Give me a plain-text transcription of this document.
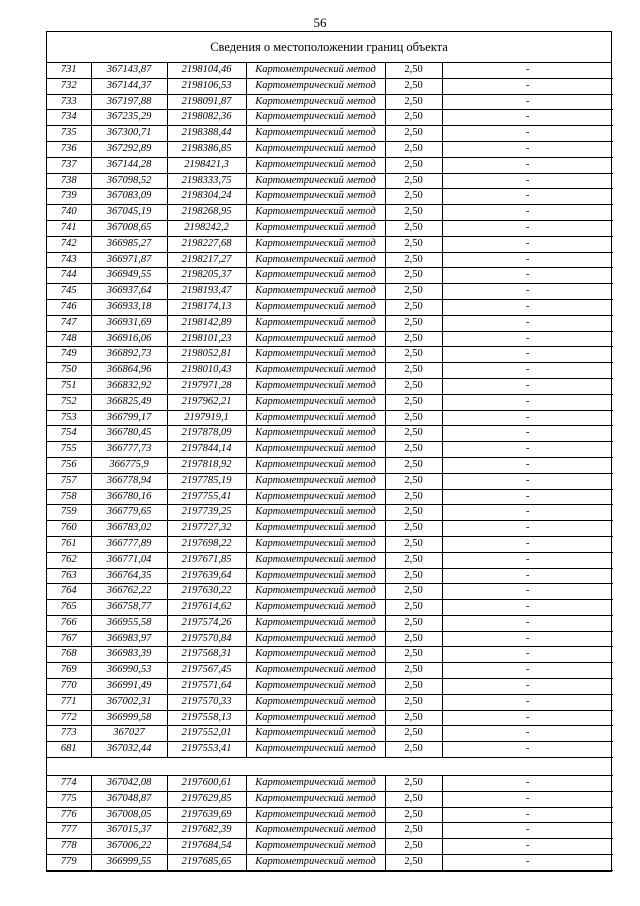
56
Сведения о местоположении границ объекта
731	367143,87	2198104,46	Картометрический метод	2,50	-
732	367144,37	2198106,53	Картометрический метод	2,50	-
733	367197,88	2198091,87	Картометрический метод	2,50	-
734	367235,29	2198082,36	Картометрический метод	2,50	-
735	367300,71	2198388,44	Картометрический метод	2,50	-
736	367292,89	2198386,85	Картометрический метод	2,50	-
737	367144,28	2198421,3	Картометрический метод	2,50	-
738	367098,52	2198333,75	Картометрический метод	2,50	-
739	367083,09	2198304,24	Картометрический метод	2,50	-
740	367045,19	2198268,95	Картометрический метод	2,50	-
741	367008,65	2198242,2	Картометрический метод	2,50	-
742	366985,27	2198227,68	Картометрический метод	2,50	-
743	366971,87	2198217,27	Картометрический метод	2,50	-
744	366949,55	2198205,37	Картометрический метод	2,50	-
745	366937,64	2198193,47	Картометрический метод	2,50	-
746	366933,18	2198174,13	Картометрический метод	2,50	-
747	366931,69	2198142,89	Картометрический метод	2,50	-
748	366916,06	2198101,23	Картометрический метод	2,50	-
749	366892,73	2198052,81	Картометрический метод	2,50	-
750	366864,96	2198010,43	Картометрический метод	2,50	-
751	366832,92	2197971,28	Картометрический метод	2,50	-
752	366825,49	2197962,21	Картометрический метод	2,50	-
753	366799,17	2197919,1	Картометрический метод	2,50	-
754	366780,45	2197878,09	Картометрический метод	2,50	-
755	366777,73	2197844,14	Картометрический метод	2,50	-
756	366775,9	2197818,92	Картометрический метод	2,50	-
757	366778,94	2197785,19	Картометрический метод	2,50	-
758	366780,16	2197755,41	Картометрический метод	2,50	-
759	366779,65	2197739,25	Картометрический метод	2,50	-
760	366783,02	2197727,32	Картометрический метод	2,50	-
761	366777,89	2197698,22	Картометрический метод	2,50	-
762	366771,04	2197671,85	Картометрический метод	2,50	-
763	366764,35	2197639,64	Картометрический метод	2,50	-
764	366762,22	2197630,22	Картометрический метод	2,50	-
765	366758,77	2197614,62	Картометрический метод	2,50	-
766	366955,58	2197574,26	Картометрический метод	2,50	-
767	366983,97	2197570,84	Картометрический метод	2,50	-
768	366983,39	2197568,31	Картометрический метод	2,50	-
769	366990,53	2197567,45	Картометрический метод	2,50	-
770	366991,49	2197571,64	Картометрический метод	2,50	-
771	367002,31	2197570,33	Картометрический метод	2,50	-
772	366999,58	2197558,13	Картометрический метод	2,50	-
773	367027	2197552,01	Картометрический метод	2,50	-
681	367032,44	2197553,41	Картометрический метод	2,50	-

774	367042,08	2197600,61	Картометрический метод	2,50	-
775	367048,87	2197629,85	Картометрический метод	2,50	-
776	367008,05	2197639,69	Картометрический метод	2,50	-
777	367015,37	2197682,39	Картометрический метод	2,50	-
778	367006,22	2197684,54	Картометрический метод	2,50	-
779	366999,55	2197685,65	Картометрический метод	2,50	-
